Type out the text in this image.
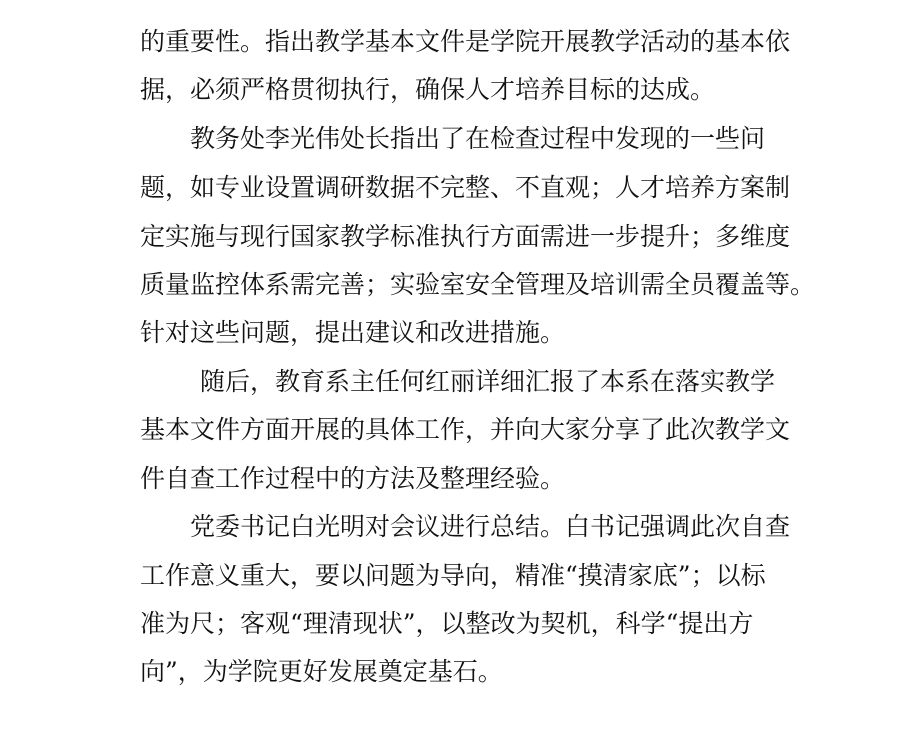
的重要性。指出教学基本文件是学院开展教学活动的基本依
据，必须严格贯彻执行，确保人才培养目标的达成。
教务处李光伟处长指出了在检查过程中发现的一些问
题，如专业设置调研数据不完整、不直观；人才培养方案制
定实施与现行国家教学标准执行方面需进一步提升；多维度
质量监控体系需完善；实验室安全管理及培训需全员覆盖等。
针对这些问题，提出建议和改进措施。
随后，教育系主任何红丽详细汇报了本系在落实教学
基本文件方面开展的具体工作，并向大家分享了此次教学文
件自查工作过程中的方法及整理经验。
党委书记白光明对会议进行总结。白书记强调此次自查
工作意义重大，要以问题为导向，精准“摸清家底”；以标
准为尺；客观“理清现状”，以整改为契机，科学“提出方
向”，为学院更好发展奠定基石。
